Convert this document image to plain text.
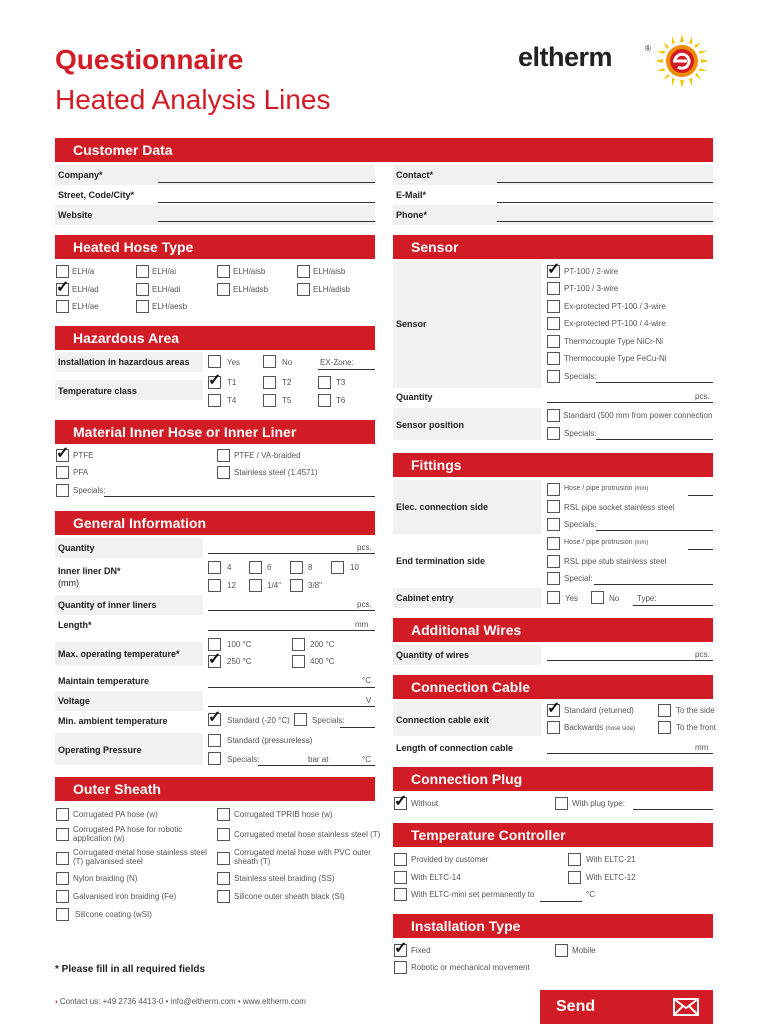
Questionnaire
Heated Analysis Lines
eltherm	®
Customer Data
Company*
Street, Code/City*
Website
Contact*
E-Mail*
Phone*
Heated Hose Type
ELH/a	ELH/ai	ELH/aisb	ELH/aisb
✓ ELH/ad	ELH/adi	ELH/adsb	ELH/adisb
ELH/ae	ELH/aesb
Hazardous Area
Installation in hazardous areas	Yes	No	EX-Zone:
Temperature class
✓ T1	T2	T3
T4	T5	T6
Material Inner Hose or Inner Liner
✓ PTFE	PTFE / VA-braided
PFA	Stainless steel (1.4571)
Specials:
General Information
Quantity	pcs.
Inner liner DN*
(mm)
4	6	8	10
12	1/4"	3/8"
Quantity of inner liners	pcs.
Length*	mm
Max. operating temperature*
100 °C	200 °C
✓ 250 °C	400 °C
Maintain temperature	°C
Voltage	V
Min. ambient temperature	✓ Standard (-20 °C)	Specials:
Operating Pressure
Standard (pressureless)
Specials:	bar at	°C
Outer Sheath
Corrugated PA hose (w)	Corrugated TPRIB hose (w)
Corrugated PA hose for robotic application (w)	Corrugated metal hose stainless steel (T)
Corrugated metal hose stainless steel (T) galvanised steel
Corrugated metal hose with PVC outer sheath (T)
Nylon braiding (N)	Stainless steel braiding (SS)
Galvanised iron braiding (Fe)	Silicone outer sheath black (SI)
Silicone coating (wSI)
* Please fill in all required fields
Sensor
Sensor
✓ PT-100 / 2-wire
PT-100 / 3-wire
Ex-protected PT-100 / 3-wire
Ex-protected PT-100 / 4-wire
Thermocouple Type NiCr-Ni
Thermocouple Type FeCu-Ni
Specials:
Quantity	pcs.
Sensor position
Standard (500 mm from power connection
Specials:
Fittings
Elec. connection side
Hose / pipe protrusion (mm)
RSL pipe socket stainless steel
Specials:
End termination side
Hose / pipe protrusion (mm)
RSL pipe stub stainless steel
Special:
Cabinet entry	Yes	No Type:
Additional Wires
Quantity of wires	pcs.
Connection Cable
Connection cable exit
✓ Standard (returned)	To the side
Backwards (hose side)	To the front
Length of connection cable	mm
Connection Plug
✓ Without	With plug type:
Temperature Controller
Provided by customer	With ELTC-21
With ELTC-14	With ELTC-12
With ELTC-mini set permanently to	°C
Installation Type
✓ Fixed	Mobile
Robotic or mechanical movement
› Contact us: +49 2736 4413-0 • info@eltherm.com • www.eltherm.com	Send
